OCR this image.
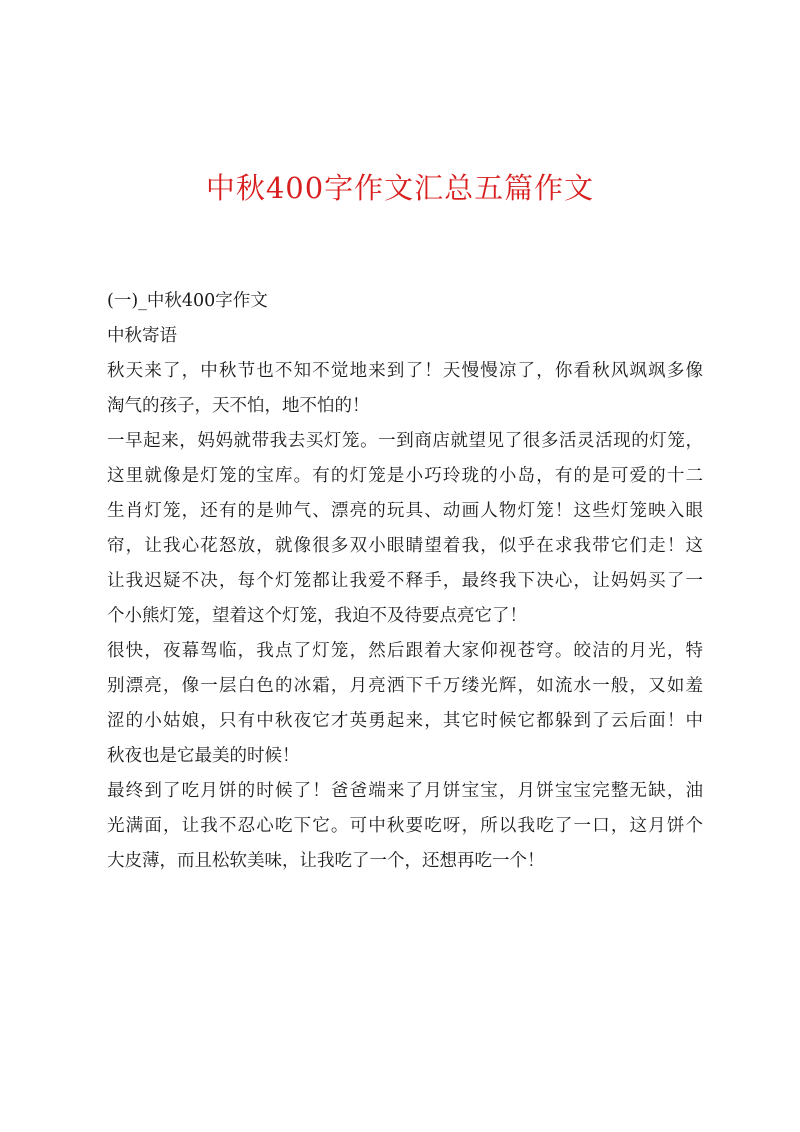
中秋400字作文汇总五篇作文
(一)_中秋400字作文
中秋寄语
秋天来了，中秋节也不知不觉地来到了！天慢慢凉了，你看秋风飒飒多像
淘气的孩子，天不怕，地不怕的！
一早起来，妈妈就带我去买灯笼。一到商店就望见了很多活灵活现的灯笼，
这里就像是灯笼的宝库。有的灯笼是小巧玲珑的小岛，有的是可爱的十二
生肖灯笼，还有的是帅气、漂亮的玩具、动画人物灯笼！这些灯笼映入眼
帘，让我心花怒放，就像很多双小眼睛望着我，似乎在求我带它们走！这
让我迟疑不决，每个灯笼都让我爱不释手，最终我下决心，让妈妈买了一
个小熊灯笼，望着这个灯笼，我迫不及待要点亮它了！
很快，夜幕驾临，我点了灯笼，然后跟着大家仰视苍穹。皎洁的月光，特
别漂亮，像一层白色的冰霜，月亮洒下千万缕光辉，如流水一般，又如羞
涩的小姑娘，只有中秋夜它才英勇起来，其它时候它都躲到了云后面！中
秋夜也是它最美的时候！
最终到了吃月饼的时候了！爸爸端来了月饼宝宝，月饼宝宝完整无缺，油
光满面，让我不忍心吃下它。可中秋要吃呀，所以我吃了一口，这月饼个
大皮薄，而且松软美味，让我吃了一个，还想再吃一个！
